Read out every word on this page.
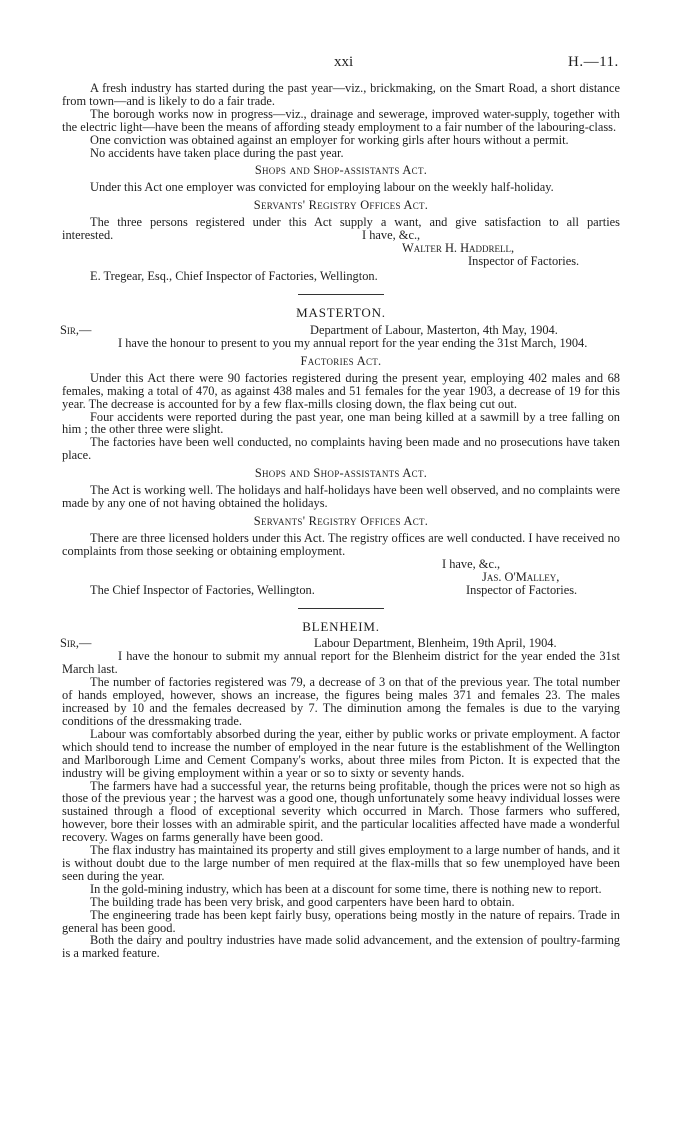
xxi	H.—11.

A fresh industry has started during the past year—viz., brickmaking, on the Smart Road, a short distance from town—and is likely to do a fair trade.

The borough works now in progress—viz., drainage and sewerage, improved water-supply, together with the electric light—have been the means of affording steady employment to a fair number of the labouring-class.

One conviction was obtained against an employer for working girls after hours without a permit.

No accidents have taken place during the past year.

Shops and Shop-assistants Act.

Under this Act one employer was convicted for employing labour on the weekly half-holiday.

Servants' Registry Offices Act.

The three persons registered under this Act supply a want, and give satisfaction to all parties

interested.	I have, &c.,
Walter H. Haddrell,
Inspector of Factories.
E. Tregear, Esq., Chief Inspector of Factories, Wellington.
MASTERTON.
Sir,—	Department of Labour, Masterton, 4th May, 1904.

I have the honour to present to you my annual report for the year ending the 31st March, 1904.

Factories Act.

Under this Act there were 90 factories registered during the present year, employing 402 males and 68 females, making a total of 470, as against 438 males and 51 females for the year 1903, a decrease of 19 for this year. The decrease is accounted for by a few flax-mills closing down, the flax being cut out.

Four accidents were reported during the past year, one man being killed at a sawmill by a tree falling on him ; the other three were slight.

The factories have been well conducted, no complaints having been made and no prosecutions have taken place.

Shops and Shop-assistants Act.

The Act is working well. The holidays and half-holidays have been well observed, and no complaints were made by any one of not having obtained the holidays.

Servants' Registry Offices Act.

There are three licensed holders under this Act. The registry offices are well conducted. I have received no complaints from those seeking or obtaining employment.

I have, &c.,
Jas. O'Malley,
The Chief Inspector of Factories, Wellington.	Inspector of Factories.
BLENHEIM.
Sir,—	Labour Department, Blenheim, 19th April, 1904.

I have the honour to submit my annual report for the Blenheim district for the year ended the 31st March last.

The number of factories registered was 79, a decrease of 3 on that of the previous year. The total number of hands employed, however, shows an increase, the figures being males 371 and females 23. The males increased by 10 and the females decreased by 7. The diminution among the females is due to the varying conditions of the dressmaking trade.

Labour was comfortably absorbed during the year, either by public works or private employment. A factor which should tend to increase the number of employed in the near future is the establishment of the Wellington and Marlborough Lime and Cement Company's works, about three miles from Picton. It is expected that the industry will be giving employment within a year or so to sixty or seventy hands.

The farmers have had a successful year, the returns being profitable, though the prices were not so high as those of the previous year ; the harvest was a good one, though unfortunately some heavy individual losses were sustained through a flood of exceptional severity which occurred in March. Those farmers who suffered, however, bore their losses with an admirable spirit, and the particular localities affected have made a wonderful recovery. Wages on farms generally have been good.

The flax industry has maintained its property and still gives employment to a large number of hands, and it is without doubt due to the large number of men required at the flax-mills that so few unemployed have been seen during the year.

In the gold-mining industry, which has been at a discount for some time, there is nothing new to report.

The building trade has been very brisk, and good carpenters have been hard to obtain.

The engineering trade has been kept fairly busy, operations being mostly in the nature of repairs. Trade in general has been good.

Both the dairy and poultry industries have made solid advancement, and the extension of poultry-farming is a marked feature.
